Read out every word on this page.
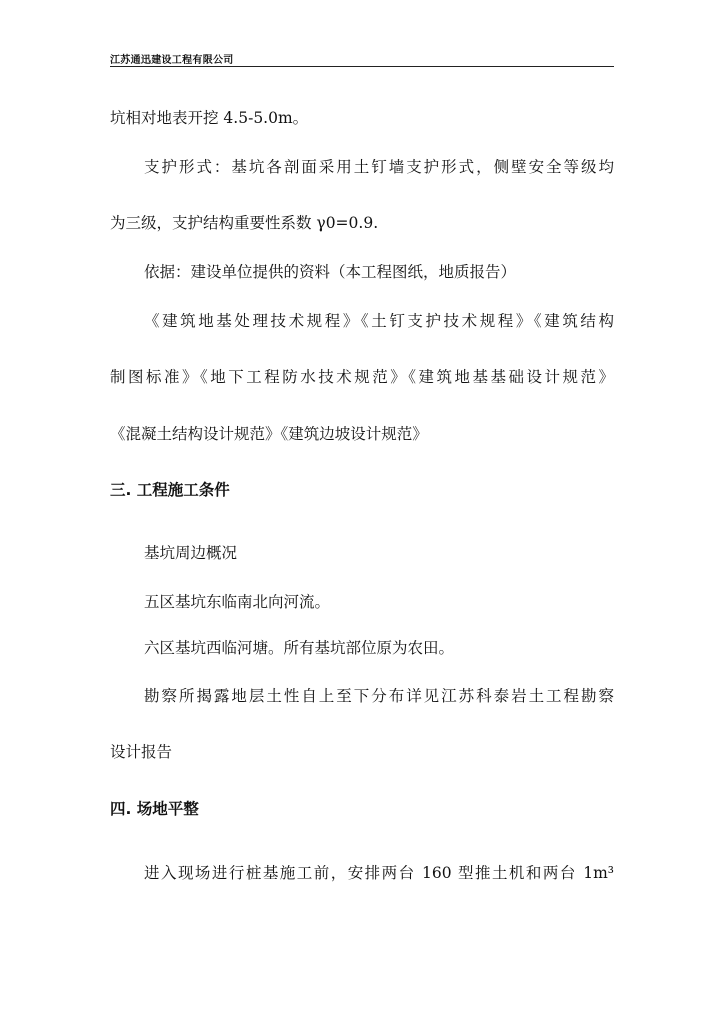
江苏通迅建设工程有限公司
坑相对地表开挖 4.5-5.0m。
支护形式：基坑各剖面采用土钉墙支护形式，侧壁安全等级均
为三级，支护结构重要性系数 γ0=0.9.
依据：建设单位提供的资料（本工程图纸，地质报告）
《建筑地基处理技术规程》《土钉支护技术规程》《建筑结构
制图标准》《地下工程防水技术规范》《建筑地基基础设计规范》
《混凝土结构设计规范》《建筑边坡设计规范》
三. 工程施工条件
基坑周边概况
五区基坑东临南北向河流。
六区基坑西临河塘。所有基坑部位原为农田。
勘察所揭露地层土性自上至下分布详见江苏科泰岩土工程勘察
设计报告
四. 场地平整
进入现场进行桩基施工前，安排两台 160 型推土机和两台 1m³
